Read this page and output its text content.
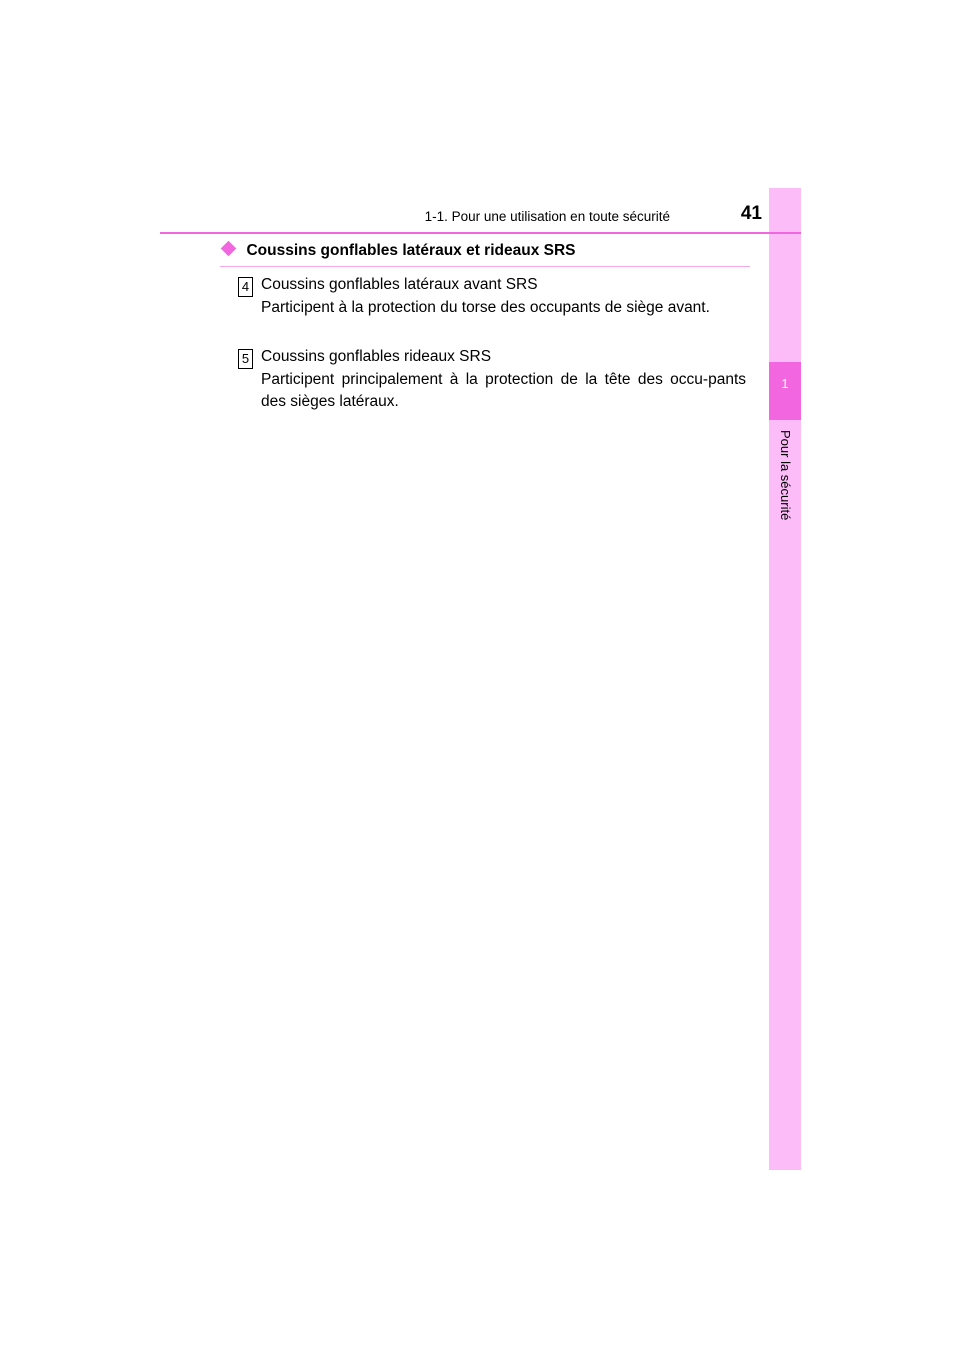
1
Pour la sécurité
1-1. Pour une utilisation en toute sécurité	41
Coussins gonflables latéraux et rideaux SRS
4 Coussins gonflables latéraux avant SRS
Participent à la protection du torse des occupants de siège avant.
5 Coussins gonflables rideaux SRS
Participent principalement à la protection de la tête des occu-pants des sièges latéraux.
